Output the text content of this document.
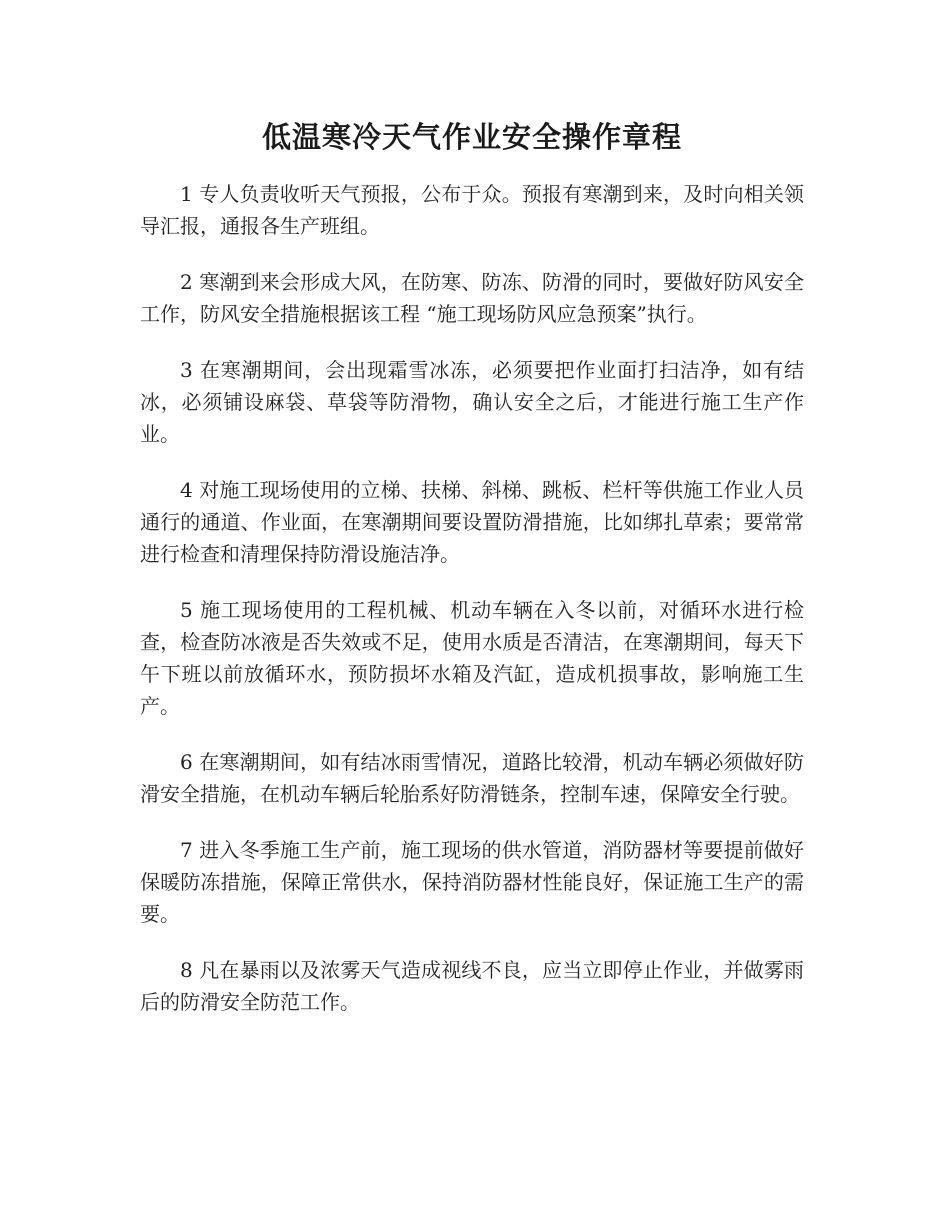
低温寒冷天气作业安全操作章程

1 专人负责收听天气预报，公布于众。预报有寒潮到来，及时向相关领导汇报，通报各生产班组。

2 寒潮到来会形成大风，在防寒、防冻、防滑的同时，要做好防风安全工作，防风安全措施根据该工程 “施工现场防风应急预案”执行。

3 在寒潮期间，会出现霜雪冰冻，必须要把作业面打扫洁净，如有结冰，必须铺设麻袋、草袋等防滑物，确认安全之后，才能进行施工生产作业。

4 对施工现场使用的立梯、扶梯、斜梯、跳板、栏杆等供施工作业人员通行的通道、作业面，在寒潮期间要设置防滑措施，比如绑扎草索；要常常进行检查和清理保持防滑设施洁净。

5 施工现场使用的工程机械、机动车辆在入冬以前，对循环水进行检查，检查防冰液是否失效或不足，使用水质是否清洁，在寒潮期间，每天下午下班以前放循环水，预防损坏水箱及汽缸，造成机损事故，影响施工生产。

6 在寒潮期间，如有结冰雨雪情况，道路比较滑，机动车辆必须做好防滑安全措施，在机动车辆后轮胎系好防滑链条，控制车速，保障安全行驶。

7 进入冬季施工生产前，施工现场的供水管道，消防器材等要提前做好保暖防冻措施，保障正常供水，保持消防器材性能良好，保证施工生产的需要。

8 凡在暴雨以及浓雾天气造成视线不良，应当立即停止作业，并做雾雨后的防滑安全防范工作。
